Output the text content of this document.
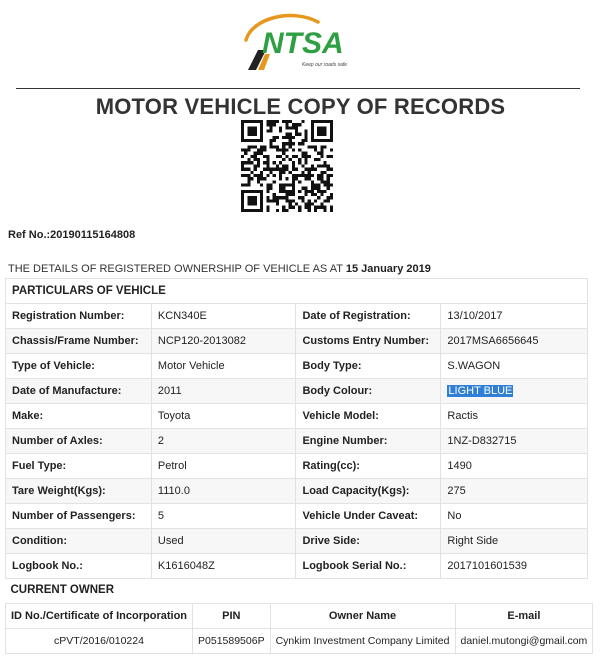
NTSA
Keep our roads safe
MOTOR VEHICLE COPY OF RECORDS
Ref No.:20190115164808
THE DETAILS OF REGISTERED OWNERSHIP OF VEHICLE AS AT 15 January 2019
PARTICULARS OF VEHICLE			
Registration Number:	KCN340E	Date of Registration:	13/10/2017
Chassis/Frame Number:	NCP120-2013082	Customs Entry Number:	2017MSA6656645
Type of Vehicle:	Motor Vehicle	Body Type:	S.WAGON
Date of Manufacture:	2011	Body Colour:	LIGHT BLUE
Make:	Toyota	Vehicle Model:	Ractis
Number of Axles:	2	Engine Number:	1NZ-D832715
Fuel Type:	Petrol	Rating(cc):	1490
Tare Weight(Kgs):	1110.0	Load Capacity(Kgs):	275
Number of Passengers:	5	Vehicle Under Caveat:	No
Condition:	Used	Drive Side:	Right Side
Logbook No.:	K1616048Z	Logbook Serial No.:	2017101601539
CURRENT OWNER			
ID No./Certificate of Incorporation	PIN	Owner Name	E-mail
cPVT/2016/010224	P051589506P	Cynkim Investment Company Limited	daniel.mutongi@gmail.com
